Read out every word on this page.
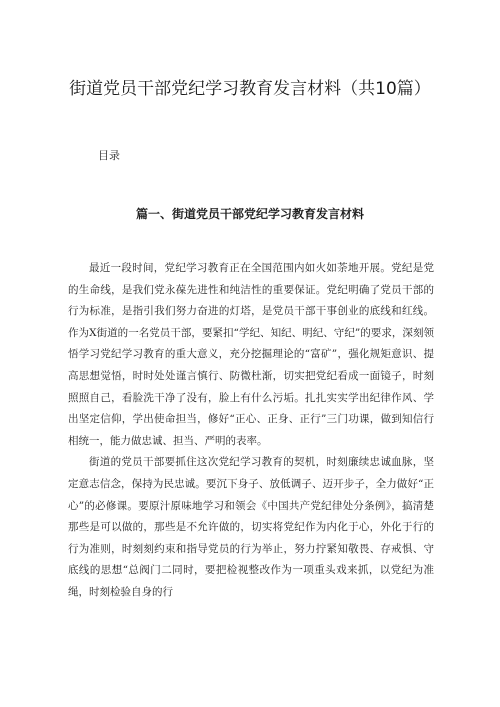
街道党员干部党纪学习教育发言材料（共10篇）
目录
篇一、街道党员干部党纪学习教育发言材料

最近一段时间，党纪学习教育正在全国范围内如火如荼地开展。党纪是党的生命线，是我们党永葆先进性和纯洁性的重要保证。党纪明确了党员干部的行为标准，是指引我们努力奋进的灯塔，是党员干部干事创业的底线和红线。作为X街道的一名党员干部，要紧扣“学纪、知纪、明纪、守纪”的要求，深刻领悟学习党纪学习教育的重大意义，充分挖掘理论的“富矿”，强化规矩意识、提高思想觉悟，时时处处谨言慎行、防微杜渐，切实把党纪看成一面镜子，时刻照照自己，看脸洗干净了没有，脸上有什么污垢。扎扎实实学出纪律作风、学出坚定信仰，学出使命担当，修好“正心、正身、正行”三门功课，做到知信行相统一，能力做忠诚、担当、严明的表率。

街道的党员干部要抓住这次党纪学习教育的契机，时刻廉续忠诚血脉，坚定意志信念，保持为民忠诚。要沉下身子、放低调子、迈开步子，全力做好“正心”的必修课。要原汁原味地学习和领会《中国共产党纪律处分条例》，搞清楚那些是可以做的，那些是不允许做的，切实将党纪作为内化于心，外化于行的行为准则，时刻刻约束和指导党员的行为举止，努力拧紧知敬畏、存戒惧、守底线的思想“总阀门二同时，要把检视整改作为一项重头戏来抓，以党纪为准绳，时刻检验自身的行
